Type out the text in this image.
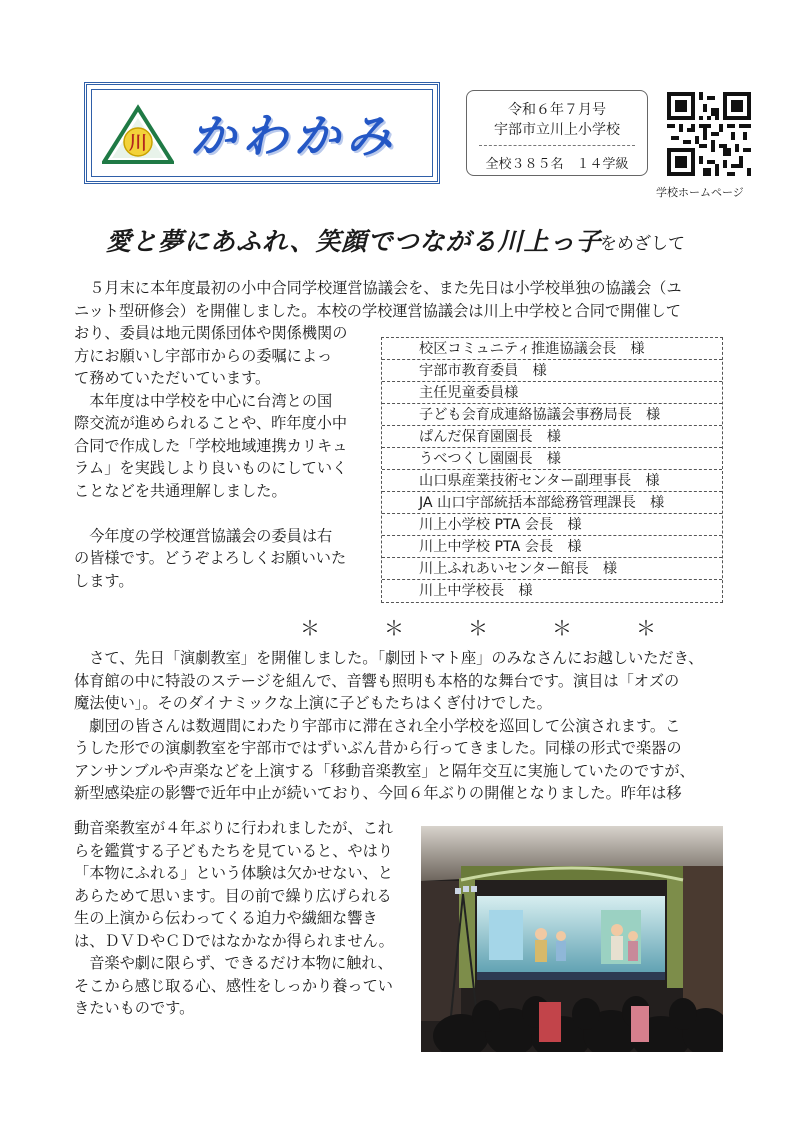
川 かわかみ	令和６年７月号
宇部市立川上小学校
全校３８５名　１４学級
学校ホームページ
愛と夢にあふれ、笑顔でつながる川上っ子
をめざして
　５月末に本年度最初の小中合同学校運営協議会を、また先日は小学校単独の協議会（ユ
ニット型研修会）を開催しました。本校の学校運営協議会は川上中学校と合同で開催して
おり、委員は地元関係団体や関係機関の
方にお願いし宇部市からの委嘱によっ
て務めていただいています。
　本年度は中学校を中心に台湾との国
際交流が進められることや、昨年度小中
合同で作成した「学校地域連携カリキュ
ラム」を実践しより良いものにしていく
ことなどを共通理解しました。
　今年度の学校運営協議会の委員は右
の皆様です。どうぞよろしくお願いいた
します。
校区コミュニティ推進協議会長　様
宇部市教育委員　様
主任児童委員様
子ども会育成連絡協議会事務局長　様
ぱんだ保育園園長　様
うべつくし園園長　様
山口県産業技術センター副理事長　様
JA 山口宇部統括本部総務管理課長　様
川上小学校 PTA 会長　様
川上中学校 PTA 会長　様
川上ふれあいセンター館長　様
川上中学校長　様
＊　＊　＊　＊　＊
　さて、先日「演劇教室」を開催しました。「劇団トマト座」のみなさんにお越しいただき、
体育館の中に特設のステージを組んで、音響も照明も本格的な舞台です。演目は「オズの
魔法使い」。そのダイナミックな上演に子どもたちはくぎ付けでした。
　劇団の皆さんは数週間にわたり宇部市に滞在され全小学校を巡回して公演されます。こ
うした形での演劇教室を宇部市ではずいぶん昔から行ってきました。同様の形式で楽器の
アンサンブルや声楽などを上演する「移動音楽教室」と隔年交互に実施していたのですが、
新型感染症の影響で近年中止が続いており、今回６年ぶりの開催となりました。昨年は移
動音楽教室が４年ぶりに行われましたが、これ
らを鑑賞する子どもたちを見ていると、やはり
「本物にふれる」という体験は欠かせない、と
あらためて思います。目の前で繰り広げられる
生の上演から伝わってくる迫力や繊細な響き
は、ＤＶＤやＣＤではなかなか得られません。
　音楽や劇に限らず、できるだけ本物に触れ、
そこから感じ取る心、感性をしっかり養ってい
きたいものです。
